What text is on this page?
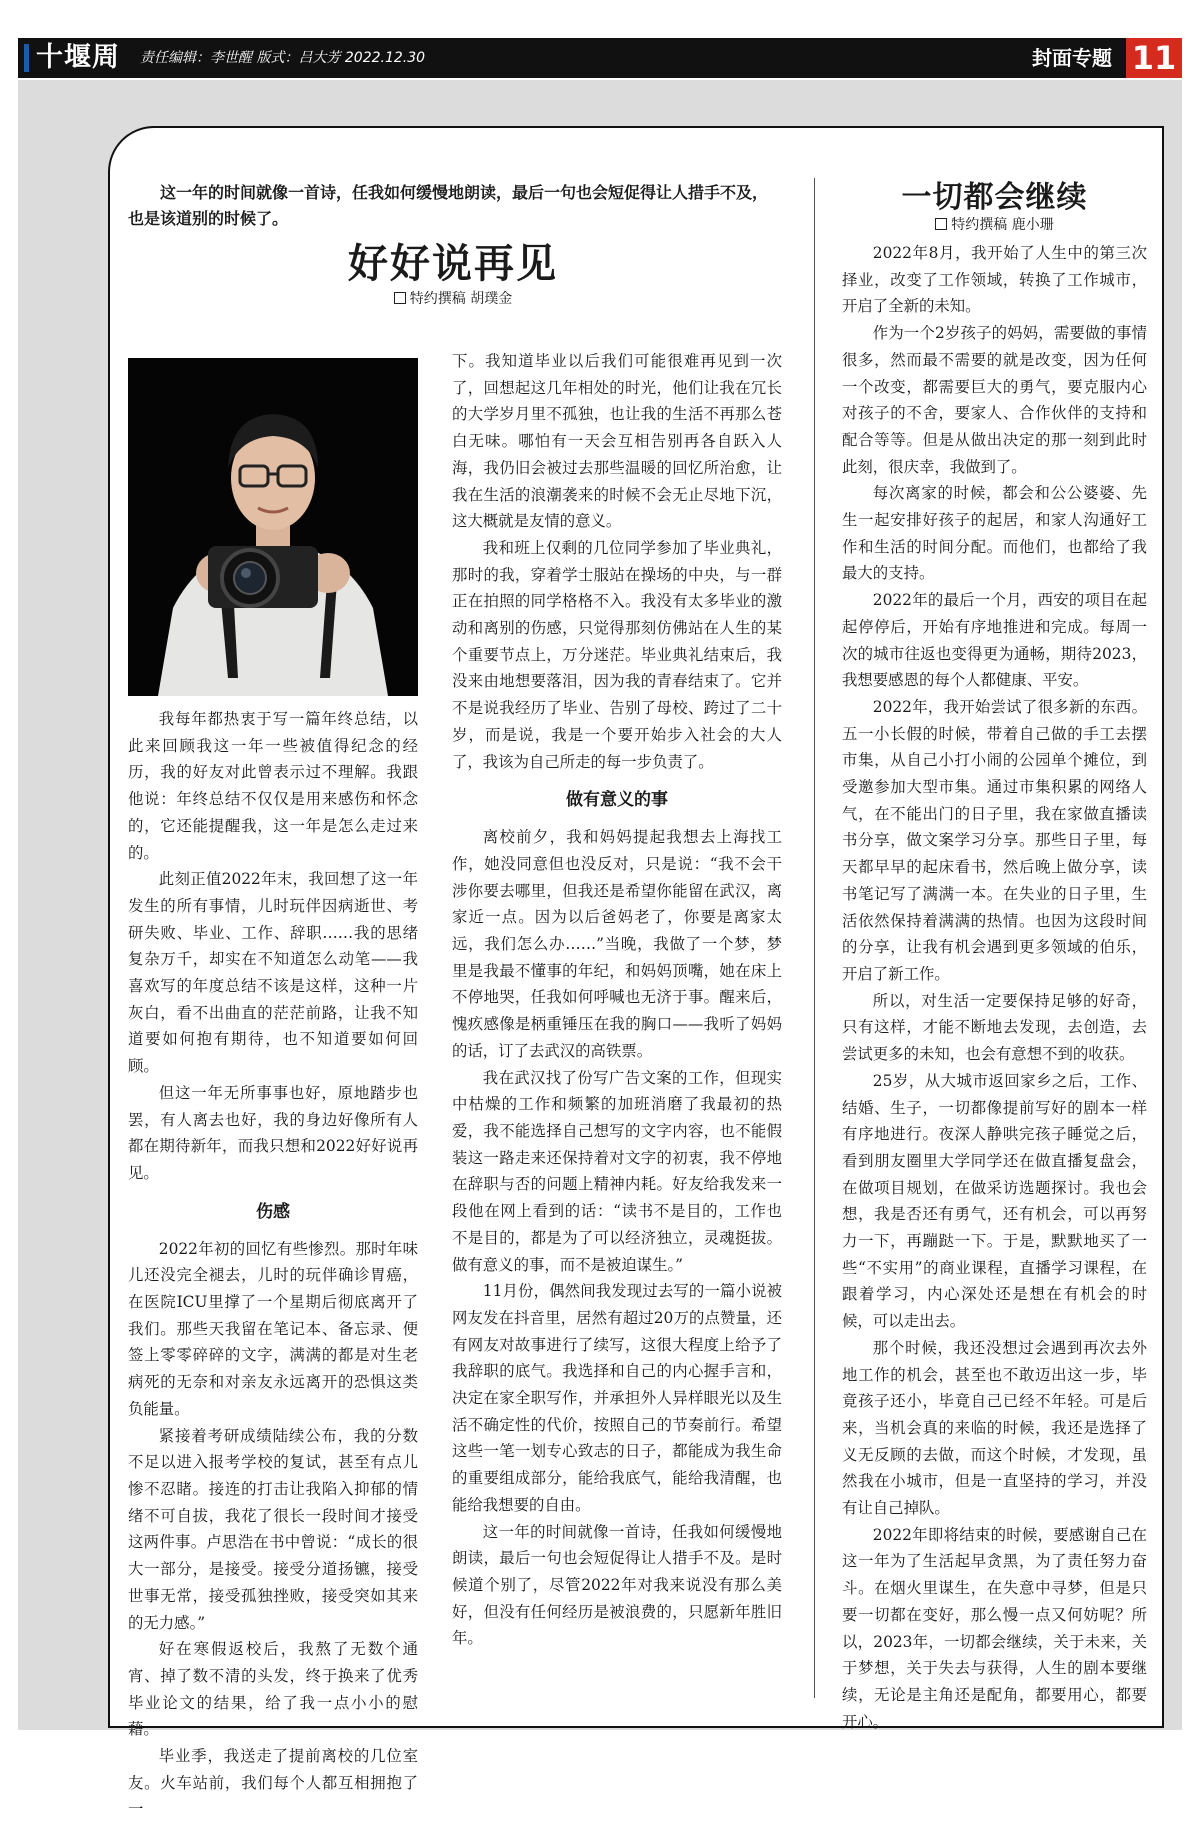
十堰周	责任编辑：李世醒 版式：吕大芳 2022.12.30	封面专题 11
这一年的时间就像一首诗，任我如何缓慢地朗读，最后一句也会短促得让人措手不及，也是该道别的时候了。
好好说再见
特约撰稿 胡璞金

我每年都热衷于写一篇年终总结，以此来回顾我这一年一些被值得纪念的经历，我的好友对此曾表示过不理解。我跟他说：年终总结不仅仅是用来感伤和怀念的，它还能提醒我，这一年是怎么走过来的。

此刻正值2022年末，我回想了这一年发生的所有事情，儿时玩伴因病逝世、考研失败、毕业、工作、辞职……我的思绪复杂万千，却实在不知道怎么动笔——我喜欢写的年度总结不该是这样，这种一片灰白，看不出曲直的茫茫前路，让我不知道要如何抱有期待，也不知道要如何回顾。

但这一年无所事事也好，原地踏步也罢，有人离去也好，我的身边好像所有人都在期待新年，而我只想和2022好好说再见。

伤感

2022年初的回忆有些惨烈。那时年味儿还没完全褪去，儿时的玩伴确诊胃癌，在医院ICU里撑了一个星期后彻底离开了我们。那些天我留在笔记本、备忘录、便签上零零碎碎的文字，满满的都是对生老病死的无奈和对亲友永远离开的恐惧这类负能量。

紧接着考研成绩陆续公布，我的分数不足以进入报考学校的复试，甚至有点儿惨不忍睹。接连的打击让我陷入抑郁的情绪不可自拔，我花了很长一段时间才接受这两件事。卢思浩在书中曾说：“成长的很大一部分，是接受。接受分道扬镳，接受世事无常，接受孤独挫败，接受突如其来的无力感。”

好在寒假返校后，我熬了无数个通宵、掉了数不清的头发，终于换来了优秀毕业论文的结果，给了我一点小小的慰藉。

毕业季，我送走了提前离校的几位室友。火车站前，我们每个人都互相拥抱了一

下。我知道毕业以后我们可能很难再见到一次了，回想起这几年相处的时光，他们让我在冗长的大学岁月里不孤独，也让我的生活不再那么苍白无味。哪怕有一天会互相告别再各自跃入人海，我仍旧会被过去那些温暖的回忆所治愈，让我在生活的浪潮袭来的时候不会无止尽地下沉，这大概就是友情的意义。

我和班上仅剩的几位同学参加了毕业典礼，那时的我，穿着学士服站在操场的中央，与一群正在拍照的同学格格不入。我没有太多毕业的激动和离别的伤感，只觉得那刻仿佛站在人生的某个重要节点上，万分迷茫。毕业典礼结束后，我没来由地想要落泪，因为我的青春结束了。它并不是说我经历了毕业、告别了母校、跨过了二十岁，而是说，我是一个要开始步入社会的大人了，我该为自己所走的每一步负责了。

做有意义的事

离校前夕，我和妈妈提起我想去上海找工作，她没同意但也没反对，只是说：“我不会干涉你要去哪里，但我还是希望你能留在武汉，离家近一点。因为以后爸妈老了，你要是离家太远，我们怎么办……”当晚，我做了一个梦，梦里是我最不懂事的年纪，和妈妈顶嘴，她在床上不停地哭，任我如何呼喊也无济于事。醒来后，愧疚感像是柄重锤压在我的胸口——我听了妈妈的话，订了去武汉的高铁票。

我在武汉找了份写广告文案的工作，但现实中枯燥的工作和频繁的加班消磨了我最初的热爱，我不能选择自己想写的文字内容，也不能假装这一路走来还保持着对文字的初衷，我不停地在辞职与否的问题上精神内耗。好友给我发来一段他在网上看到的话：“读书不是目的，工作也不是目的，都是为了可以经济独立，灵魂挺拔。做有意义的事，而不是被迫谋生。”

11月份，偶然间我发现过去写的一篇小说被网友发在抖音里，居然有超过20万的点赞量，还有网友对故事进行了续写，这很大程度上给予了我辞职的底气。我选择和自己的内心握手言和，决定在家全职写作，并承担外人异样眼光以及生活不确定性的代价，按照自己的节奏前行。希望这些一笔一划专心致志的日子，都能成为我生命的重要组成部分，能给我底气，能给我清醒，也能给我想要的自由。

这一年的时间就像一首诗，任我如何缓慢地朗读，最后一句也会短促得让人措手不及。是时候道个别了，尽管2022年对我来说没有那么美好，但没有任何经历是被浪费的，只愿新年胜旧年。

一切都会继续
特约撰稿 鹿小珊

2022年8月，我开始了人生中的第三次择业，改变了工作领域，转换了工作城市，开启了全新的未知。

作为一个2岁孩子的妈妈，需要做的事情很多，然而最不需要的就是改变，因为任何一个改变，都需要巨大的勇气，要克服内心对孩子的不舍，要家人、合作伙伴的支持和配合等等。但是从做出决定的那一刻到此时此刻，很庆幸，我做到了。

每次离家的时候，都会和公公婆婆、先生一起安排好孩子的起居，和家人沟通好工作和生活的时间分配。而他们，也都给了我最大的支持。

2022年的最后一个月，西安的项目在起起停停后，开始有序地推进和完成。每周一次的城市往返也变得更为通畅，期待2023，我想要感恩的每个人都健康、平安。

2022年，我开始尝试了很多新的东西。五一小长假的时候，带着自己做的手工去摆市集，从自己小打小闹的公园单个摊位，到受邀参加大型市集。通过市集积累的网络人气，在不能出门的日子里，我在家做直播读书分享，做文案学习分享。那些日子里，每天都早早的起床看书，然后晚上做分享，读书笔记写了满满一本。在失业的日子里，生活依然保持着满满的热情。也因为这段时间的分享，让我有机会遇到更多领域的伯乐，开启了新工作。

所以，对生活一定要保持足够的好奇，只有这样，才能不断地去发现，去创造，去尝试更多的未知，也会有意想不到的收获。

25岁，从大城市返回家乡之后，工作、结婚、生子，一切都像提前写好的剧本一样有序地进行。夜深人静哄完孩子睡觉之后，看到朋友圈里大学同学还在做直播复盘会，在做项目规划，在做采访选题探讨。我也会想，我是否还有勇气，还有机会，可以再努力一下，再蹦跶一下。于是，默默地买了一些“不实用”的商业课程，直播学习课程，在跟着学习，内心深处还是想在有机会的时候，可以走出去。

那个时候，我还没想过会遇到再次去外地工作的机会，甚至也不敢迈出这一步，毕竟孩子还小，毕竟自己已经不年轻。可是后来，当机会真的来临的时候，我还是选择了义无反顾的去做，而这个时候，才发现，虽然我在小城市，但是一直坚持的学习，并没有让自己掉队。

2022年即将结束的时候，要感谢自己在这一年为了生活起早贪黑，为了责任努力奋斗。在烟火里谋生，在失意中寻梦，但是只要一切都在变好，那么慢一点又何妨呢？所以，2023年，一切都会继续，关于未来，关于梦想，关于失去与获得，人生的剧本要继续，无论是主角还是配角，都要用心，都要开心。
